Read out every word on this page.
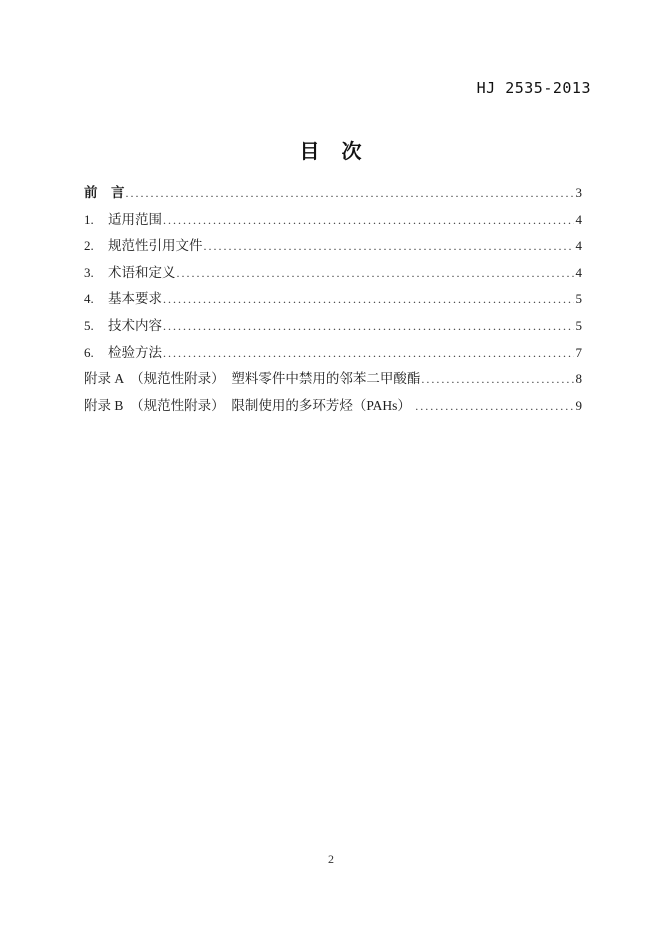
HJ 2535-2013
目　次
前　言 .....	3
1.	适用范围 .....	4
2.	规范性引用文件 .....	4
3.	术语和定义 .....	4
4.	基本要求 .....	5
5.	技术内容 .....	5
6.	检验方法 .....	7
附录 A　（规范性附录）　塑料零件中禁用的邻苯二甲酸酯 .....	8
附录 B　（规范性附录）　限制使用的多环芳烃（PAHs） .....	9
2
